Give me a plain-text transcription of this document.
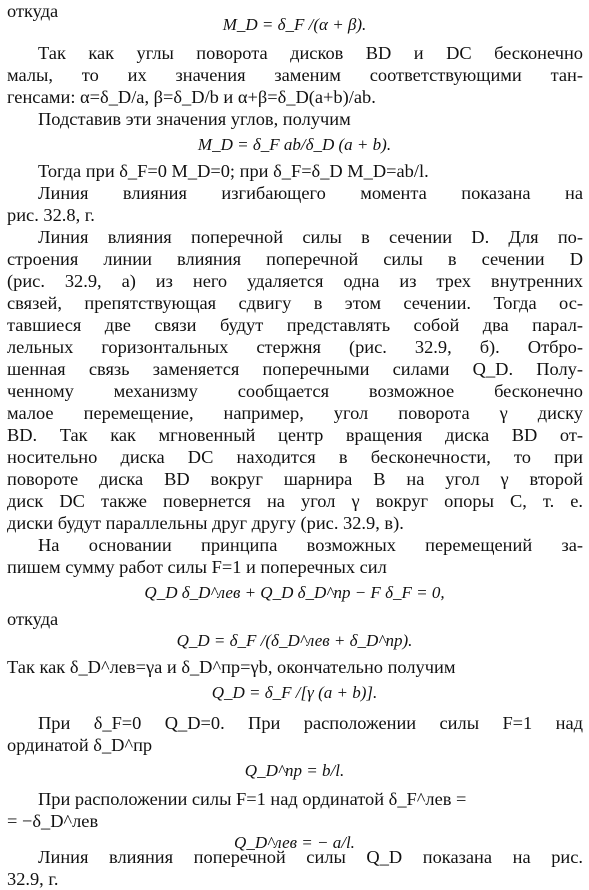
откуда
M_D = δ_F /(α + β).
Так как углы поворота дисков BD и DC бесконечно
малы, то их значения заменим соответствующими тан-
генсами: α=δ_D/a, β=δ_D/b и α+β=δ_D(a+b)/ab.
Подставив эти значения углов, получим
M_D = δ_F ab/δ_D (a + b).
Тогда при δ_F=0 M_D=0; при δ_F=δ_D M_D=ab/l.
Линия влияния изгибающего момента показана на
рис. 32.8, г.
Линия влияния поперечной силы в сечении D. Для по-
строения линии влияния поперечной силы в сечении D
(рис. 32.9, а) из него удаляется одна из трех внутренних
связей, препятствующая сдвигу в этом сечении. Тогда ос-
тавшиеся две связи будут представлять собой два парал-
лельных горизонтальных стержня (рис. 32.9, б). Отбро-
шенная связь заменяется поперечными силами Q_D. Полу-
ченному механизму сообщается возможное бесконечно
малое перемещение, например, угол поворота γ диску
BD. Так как мгновенный центр вращения диска BD от-
носительно диска DC находится в бесконечности, то при
повороте диска BD вокруг шарнира B на угол γ второй
диск DC также повернется на угол γ вокруг опоры C, т. е.
диски будут параллельны друг другу (рис. 32.9, в).
На основании принципа возможных перемещений за-
пишем сумму работ силы F=1 и поперечных сил
Q_D δ_D^лев + Q_D δ_D^пр − F δ_F = 0,
откуда
Q_D = δ_F /(δ_D^лев + δ_D^пр).
Так как δ_D^лев=γa и δ_D^пр=γb, окончательно получим
Q_D = δ_F /[γ (a + b)].
При δ_F=0 Q_D=0. При расположении силы F=1 над
ординатой δ_D^пр
Q_D^пр = b/l.
При расположении силы F=1 над ординатой δ_F^лев =
= −δ_D^лев
Q_D^лев = − a/l.
Линия влияния поперечной силы Q_D показана на рис.
32.9, г.
